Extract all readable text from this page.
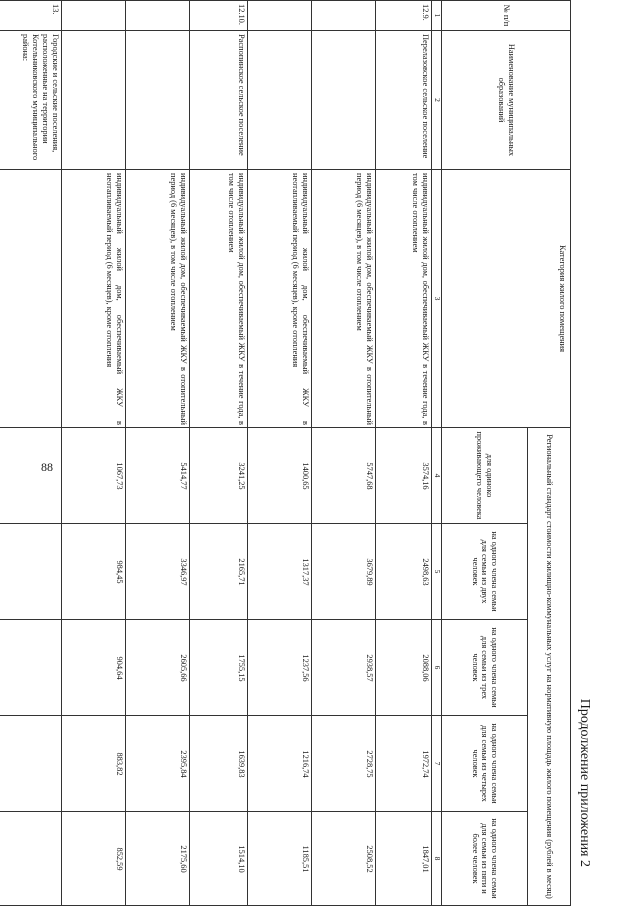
88
Продолжение приложения 2
№ п/п	Наименование муниципальных образований	Категория жилого помещения	Региональный стандарт стоимости жилищно-коммунальных услуг на нормативную площадь жилого помещения (рублей в месяц)				
			для одиноко проживающего человека	на одного члена семьи для семьи из двух человек	на одного члена семьи для семьи из трех человек	на одного члена семьи для семьи из четырех человек	на одного члена семьи для семьи из пяти и более человек
1	2	3	4	5	6	7	8
12.9.	Перелазовское сельское поселение	индивидуальный жилой дом, обеспечиваемый ЖКУ в течение года, в том числе отоплением	3574,16	2498,63	2088,06	1972,74	1847,01
		индивидуальный жилой дом, обеспечиваемый ЖКУ в отопительный период (6 месяцев), в том числе отоплением	5747,68	3679,89	2938,57	2728,75	2508,52
		индивидуальный жилой дом, обеспечиваемый ЖКУ в неотапливаемый период (6 месяцев), кроме отопления	1400,65	1317,37	1237,56	1216,74	1185,51
12.10.	Распопинское сельское поселение	индивидуальный жилой дом, обеспечиваемый ЖКУ в течение года, в том числе отоплением	3241,25	2165,71	1755,15	1639,83	1514,10
		индивидуальный жилой дом, обеспечиваемый ЖКУ в отопительный период (6 месяцев), в том числе отоплением	5414,77	3346,97	2605,66	2395,84	2175,60
		индивидуальный жилой дом, обеспечиваемый ЖКУ в неотапливаемый период (6 месяцев), кроме отопления	1067,73	984,45	904,64	883,82	852,59
13.	Городские и сельские поселения, расположенные на территории Котельниковского муниципального района:						
